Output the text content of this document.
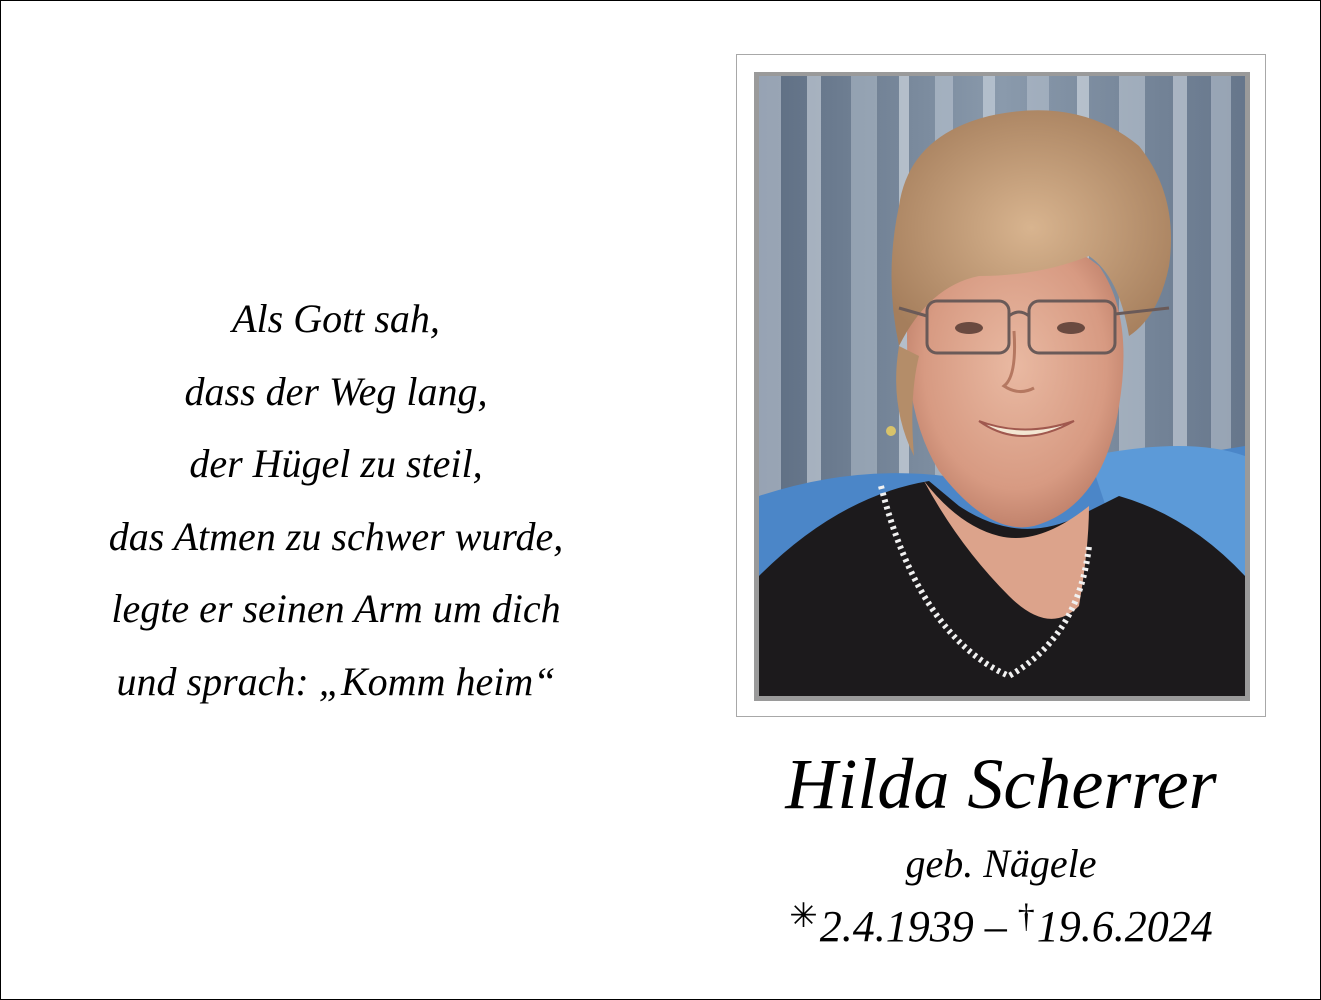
Als Gott sah,
dass der Weg lang,
der Hügel zu steil,
das Atmen zu schwer wurde,
legte er seinen Arm um dich
und sprach: „Komm heim“
Hilda Scherrer
geb. Nägele
✳2.4.1939 – †19.6.2024
